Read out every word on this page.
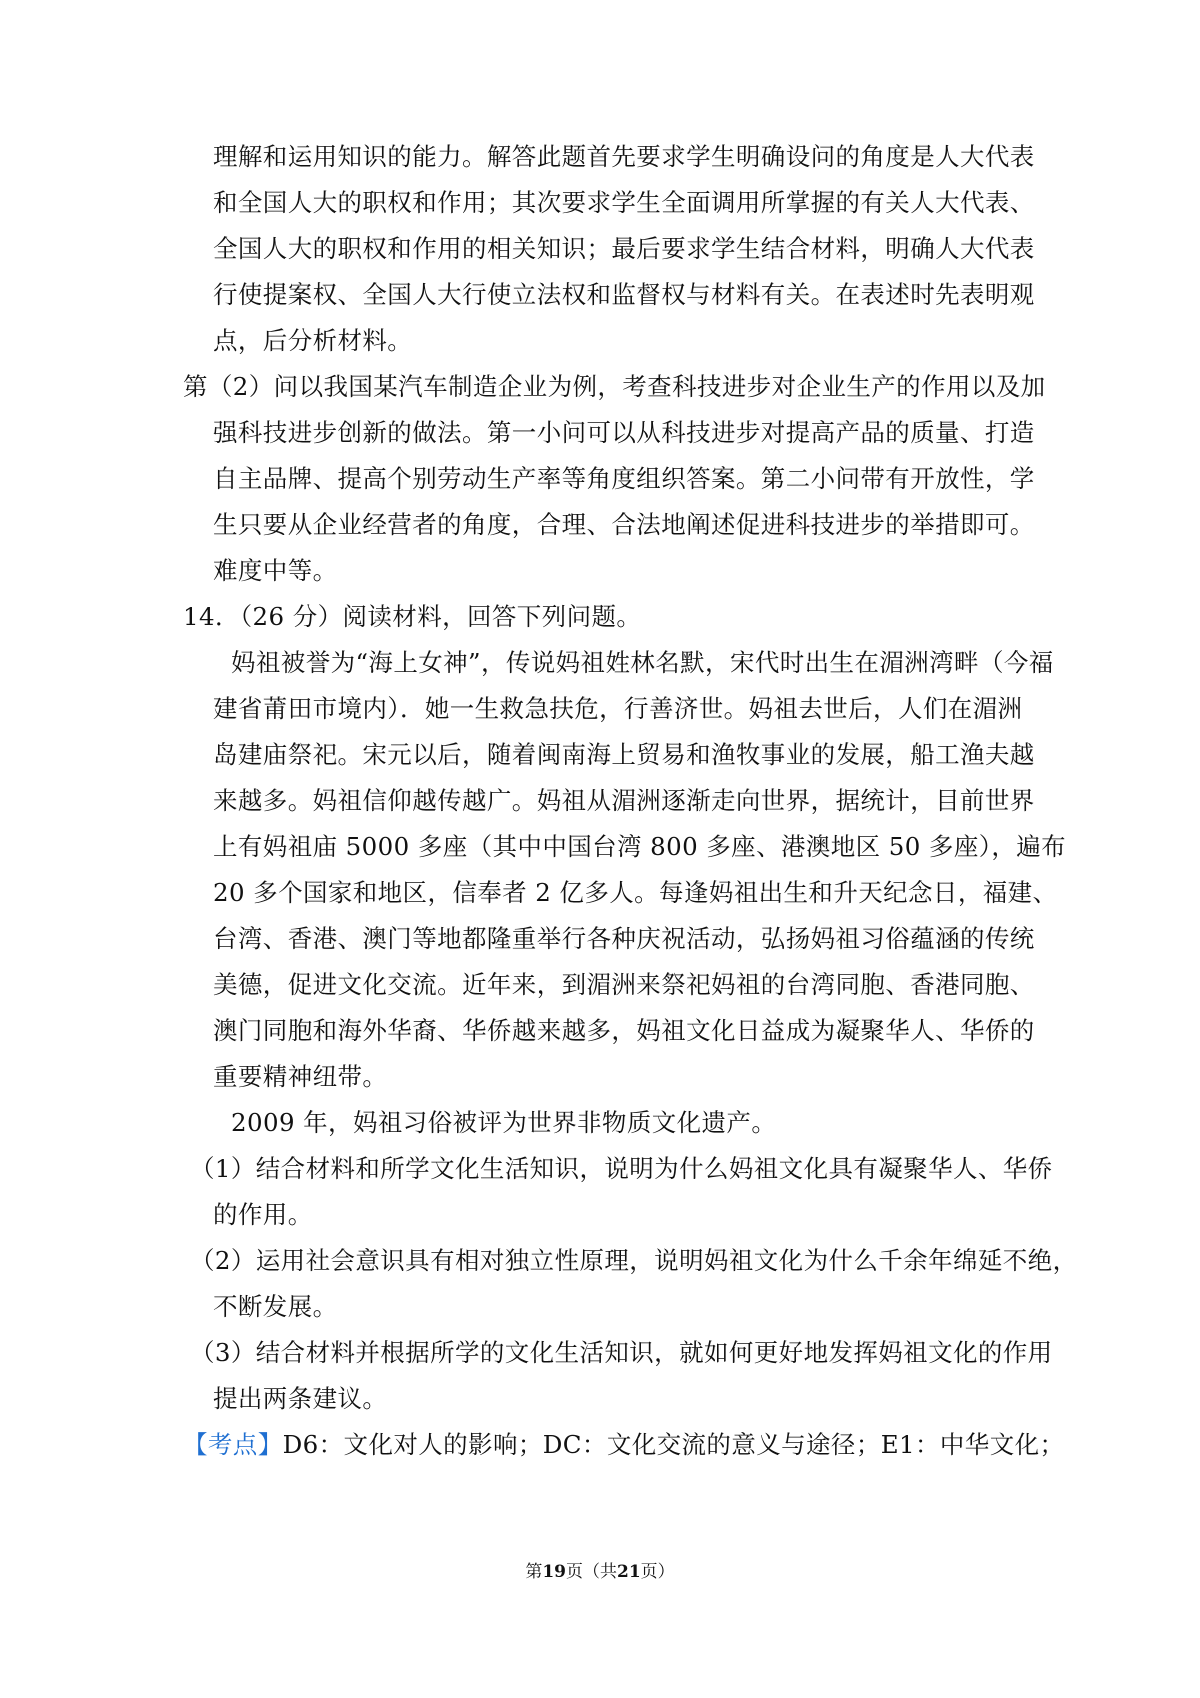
理解和运用知识的能力。解答此题首先要求学生明确设问的角度是人大代表
和全国人大的职权和作用；其次要求学生全面调用所掌握的有关人大代表、
全国人大的职权和作用的相关知识；最后要求学生结合材料，明确人大代表
行使提案权、全国人大行使立法权和监督权与材料有关。在表述时先表明观
点，后分析材料。
第（2）问以我国某汽车制造企业为例，考查科技进步对企业生产的作用以及加
强科技进步创新的做法。第一小问可以从科技进步对提高产品的质量、打造
自主品牌、提高个别劳动生产率等角度组织答案。第二小问带有开放性，学
生只要从企业经营者的角度，合理、合法地阐述促进科技进步的举措即可。
难度中等。
14．（26 分）阅读材料，回答下列问题。
妈祖被誉为“海上女神”，传说妈祖姓林名默，宋代时出生在湄洲湾畔（今福
建省莆田市境内）．她一生救急扶危，行善济世。妈祖去世后，人们在湄洲
岛建庙祭祀。宋元以后，随着闽南海上贸易和渔牧事业的发展，船工渔夫越
来越多。妈祖信仰越传越广。妈祖从湄洲逐渐走向世界，据统计，目前世界
上有妈祖庙 5000 多座（其中中国台湾 800 多座、港澳地区 50 多座），遍布
20 多个国家和地区，信奉者 2 亿多人。每逢妈祖出生和升天纪念日，福建、
台湾、香港、澳门等地都隆重举行各种庆祝活动，弘扬妈祖习俗蕴涵的传统
美德，促进文化交流。近年来，到湄洲来祭祀妈祖的台湾同胞、香港同胞、
澳门同胞和海外华裔、华侨越来越多，妈祖文化日益成为凝聚华人、华侨的
重要精神纽带。
2009 年，妈祖习俗被评为世界非物质文化遗产。
（1）结合材料和所学文化生活知识，说明为什么妈祖文化具有凝聚华人、华侨
的作用。
（2）运用社会意识具有相对独立性原理，说明妈祖文化为什么千余年绵延不绝，
不断发展。
（3）结合材料并根据所学的文化生活知识，就如何更好地发挥妈祖文化的作用
提出两条建议。
【考点】D6：文化对人的影响；DC：文化交流的意义与途径；E1：中华文化；
第19页（共21页）
